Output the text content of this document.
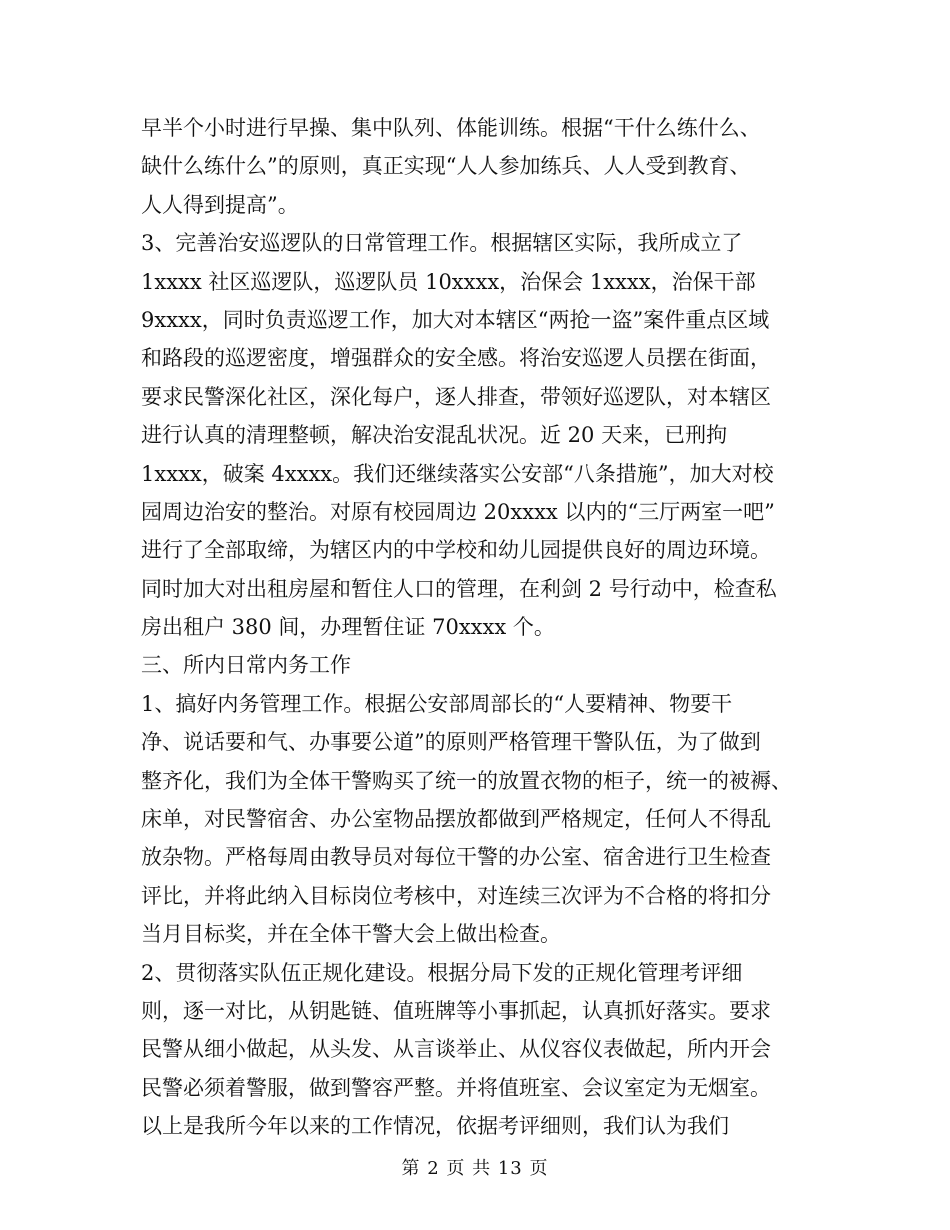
早半个小时进行早操、集中队列、体能训练。根据“干什么练什么、
缺什么练什么”的原则，真正实现“人人参加练兵、人人受到教育、
人人得到提高”。
3、完善治安巡逻队的日常管理工作。根据辖区实际，我所成立了
1xxxx 社区巡逻队，巡逻队员 10xxxx，治保会 1xxxx，治保干部
9xxxx，同时负责巡逻工作，加大对本辖区“两抢一盗”案件重点区域
和路段的巡逻密度，增强群众的安全感。将治安巡逻人员摆在街面，
要求民警深化社区，深化每户，逐人排查，带领好巡逻队，对本辖区
进行认真的清理整顿，解决治安混乱状况。近 20 天来，已刑拘
1xxxx，破案 4xxxx。我们还继续落实公安部“八条措施”，加大对校
园周边治安的整治。对原有校园周边 20xxxx 以内的“三厅两室一吧”
进行了全部取缔，为辖区内的中学校和幼儿园提供良好的周边环境。
同时加大对出租房屋和暂住人口的管理，在利剑 2 号行动中，检查私
房出租户 380 间，办理暂住证 70xxxx 个。
三、所内日常内务工作
1、搞好内务管理工作。根据公安部周部长的“人要精神、物要干
净、说话要和气、办事要公道”的原则严格管理干警队伍，为了做到
整齐化，我们为全体干警购买了统一的放置衣物的柜子，统一的被褥、
床单，对民警宿舍、办公室物品摆放都做到严格规定，任何人不得乱
放杂物。严格每周由教导员对每位干警的办公室、宿舍进行卫生检查
评比，并将此纳入目标岗位考核中，对连续三次评为不合格的将扣分
当月目标奖，并在全体干警大会上做出检查。
2、贯彻落实队伍正规化建设。根据分局下发的正规化管理考评细
则，逐一对比，从钥匙链、值班牌等小事抓起，认真抓好落实。要求
民警从细小做起，从头发、从言谈举止、从仪容仪表做起，所内开会
民警必须着警服，做到警容严整。并将值班室、会议室定为无烟室。
以上是我所今年以来的工作情况，依据考评细则，我们认为我们
第 2 页 共 13 页
